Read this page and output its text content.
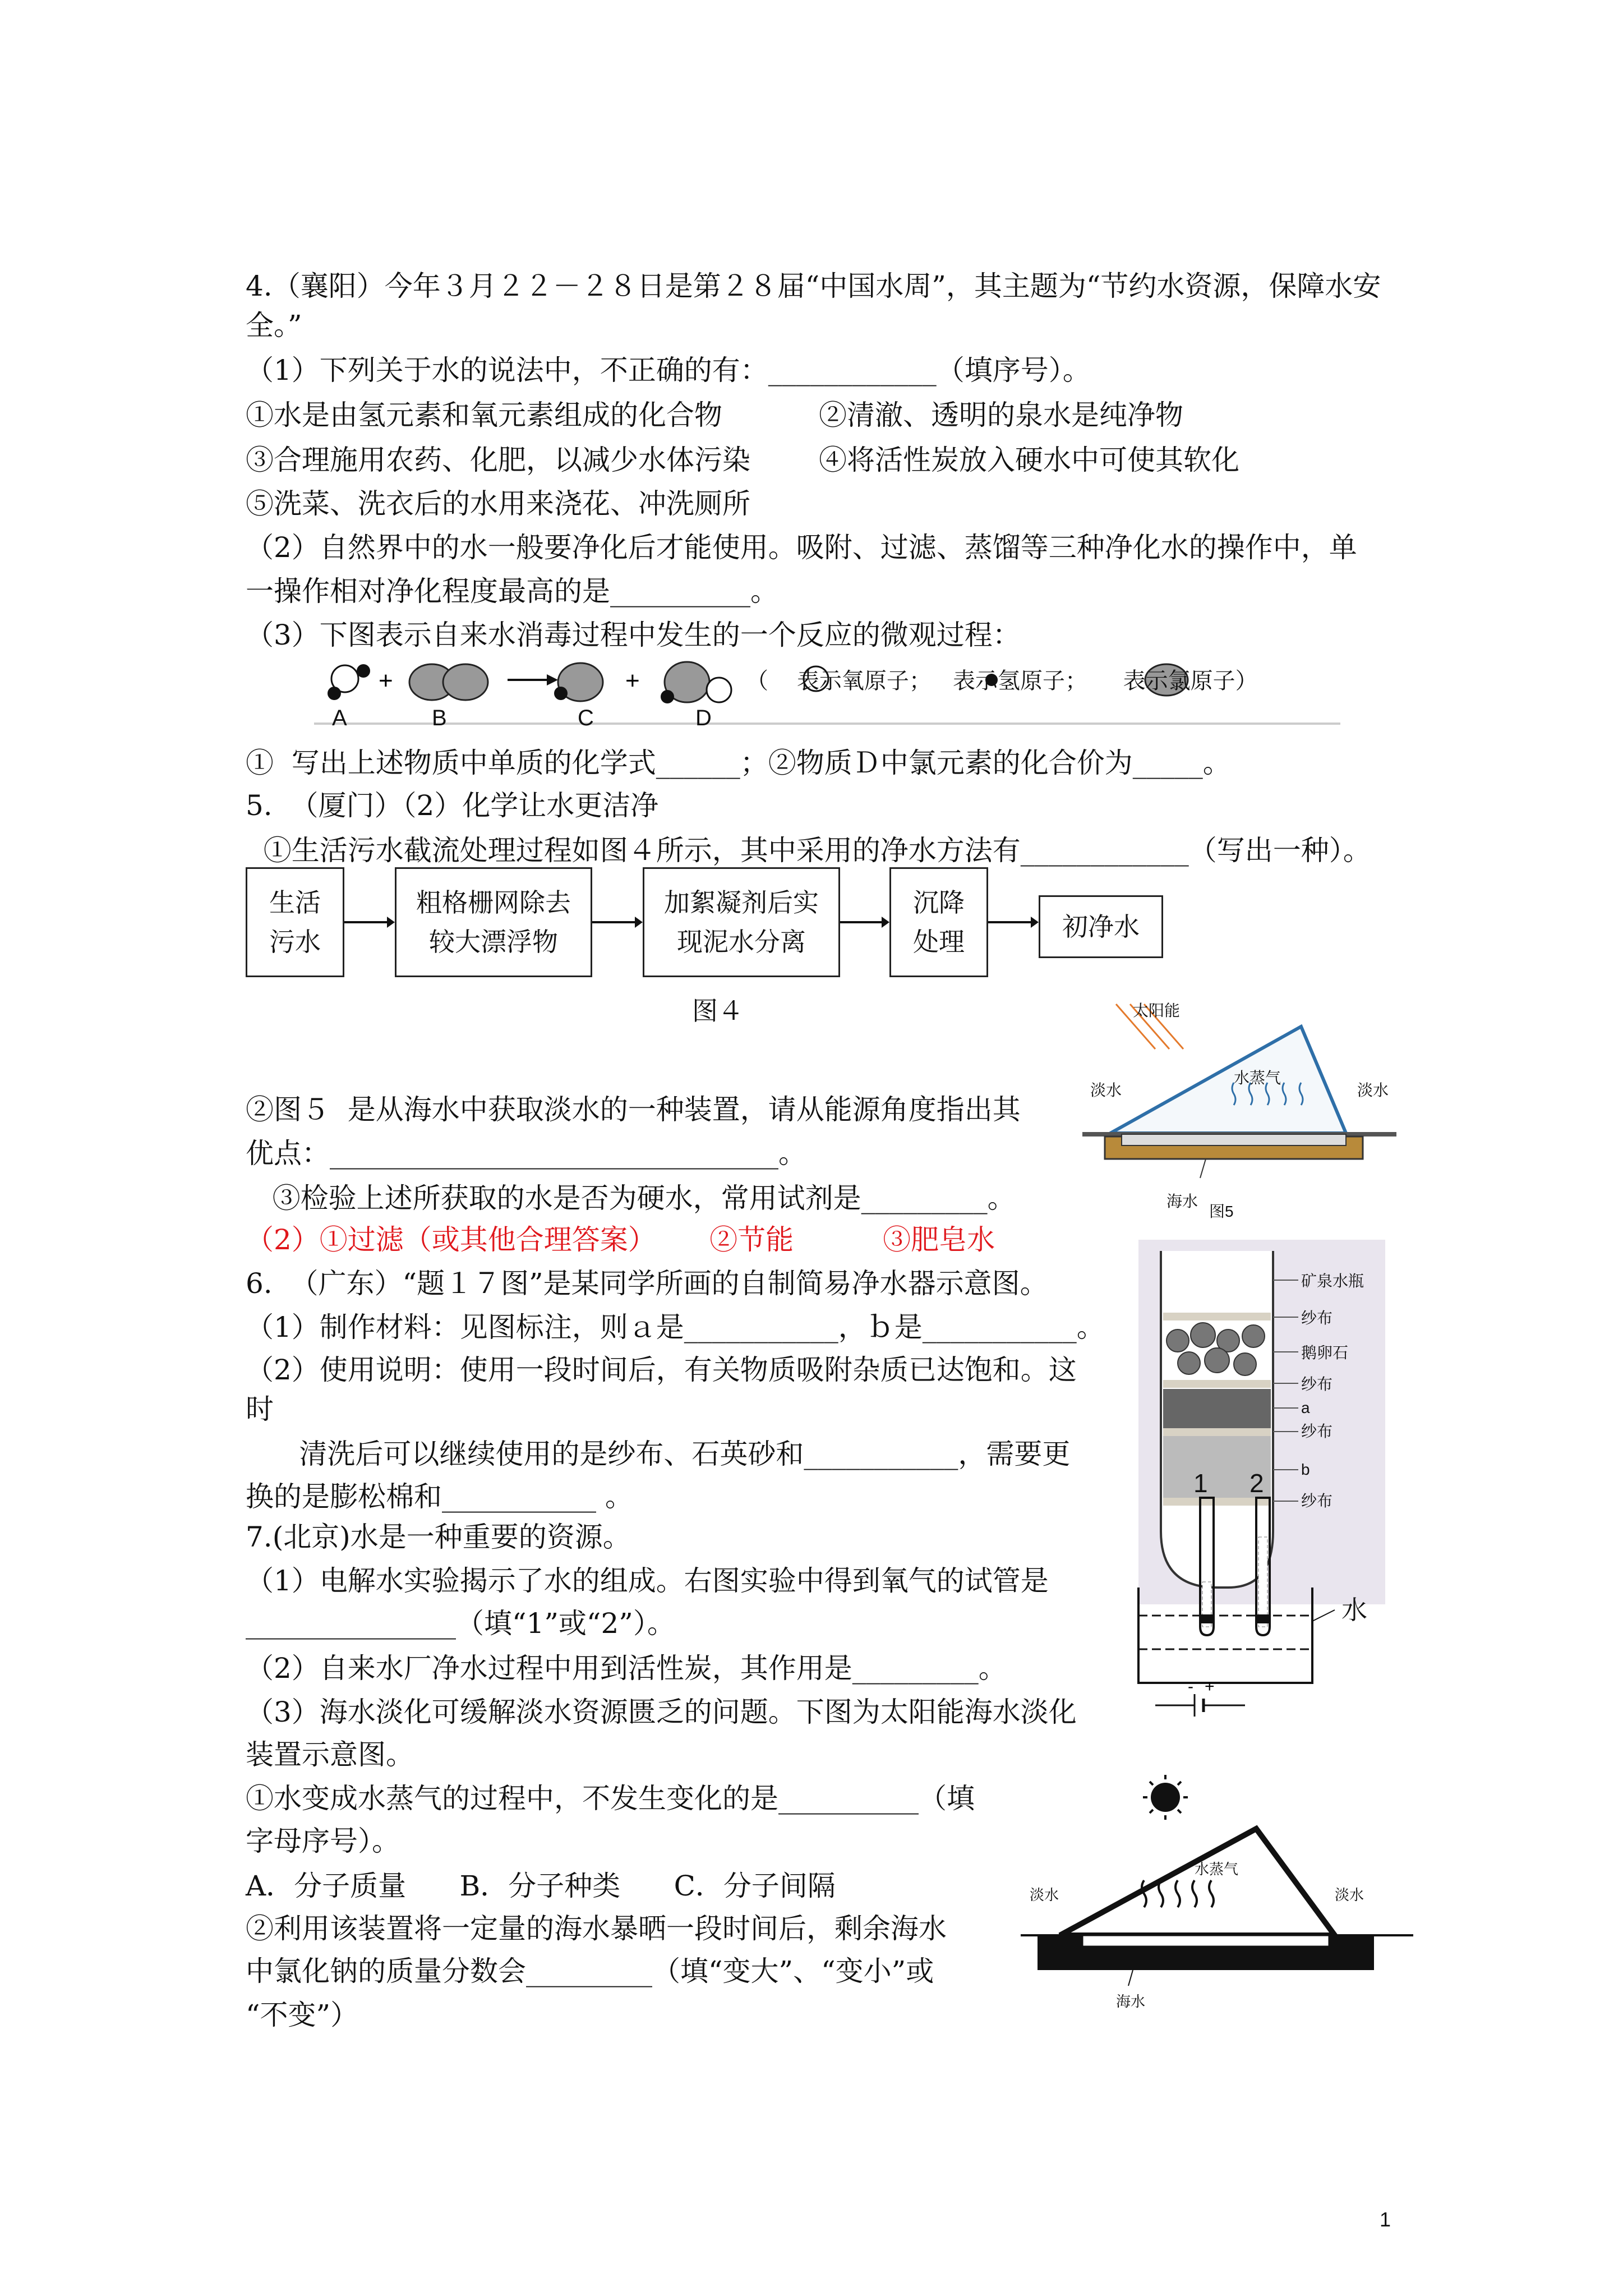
4.（襄阳）今年３月２２－２８日是第２８届“中国水周”，其主题为“节约水资源，保障水安
全。”
（1）下列关于水的说法中，不正确的有：____________（填序号）。
①水是由氢元素和氧元素组成的化合物	②清澈、透明的泉水是纯净物
③合理施用农药、化肥，以减少水体污染 ④将活性炭放入硬水中可使其软化
⑤洗菜、洗衣后的水用来浇花、冲洗厕所
（2）自然界中的水一般要净化后才能使用。吸附、过滤、蒸馏等三种净化水的操作中，单
一操作相对净化程度最高的是__________。
（3）下图表示自来水消毒过程中发生的一个反应的微观过程：
+	+	（    表示氧原子；   表示氢原子；     表示氯原子）
A	B	C	D
①  写出上述物质中单质的化学式______；②物质Ｄ中氯元素的化合价为_____。
5.  （厦门）（2）化学让水更洁净
①生活污水截流处理过程如图４所示，其中采用的净水方法有____________（写出一种）。
生活
污水
粗格栅网除去
较大漂浮物
加絮凝剂后实
现泥水分离
沉降
处理	初净水
图４	太阳能
淡水
水蒸气
淡水
海水
图5
②图５  是从海水中获取淡水的一种装置，请从能源角度指出其
优点：________________________________。
③检验上述所获取的水是否为硬水，常用试剂是_________。
（2）①过滤（或其他合理答案）      ②节能          ③肥皂水
6.  （广东）“题１７图”是某同学所画的自制简易净水器示意图。
（1）制作材料：见图标注，则ａ是___________，ｂ是___________。
（2）使用说明：使用一段时间后，有关物质吸附杂质已达饱和。这
时
清洗后可以继续使用的是纱布、石英砂和___________，需要更
换的是膨松棉和___________ 。
矿泉水瓶
纱布
鹅卵石
纱布
a
纱布
b
纱布
7.(北京)水是一种重要的资源。
（1）电解水实验揭示了水的组成。右图实验中得到氧气的试管是
_______________（填“1”或“2”）。
（2）自来水厂净水过程中用到活性炭，其作用是_________。
（3）海水淡化可缓解淡水资源匮乏的问题。下图为太阳能海水淡化
装置示意图。
①水变成水蒸气的过程中，不发生变化的是__________（填
字母序号）。
A．分子质量      B．分子种类      C．分子间隔
②利用该装置将一定量的海水暴晒一段时间后，剩余海水
中氯化钠的质量分数会_________（填“变大”、“变小”或
“不变”）
- +
1 2
水
淡水
水蒸气
淡水
海水
1
